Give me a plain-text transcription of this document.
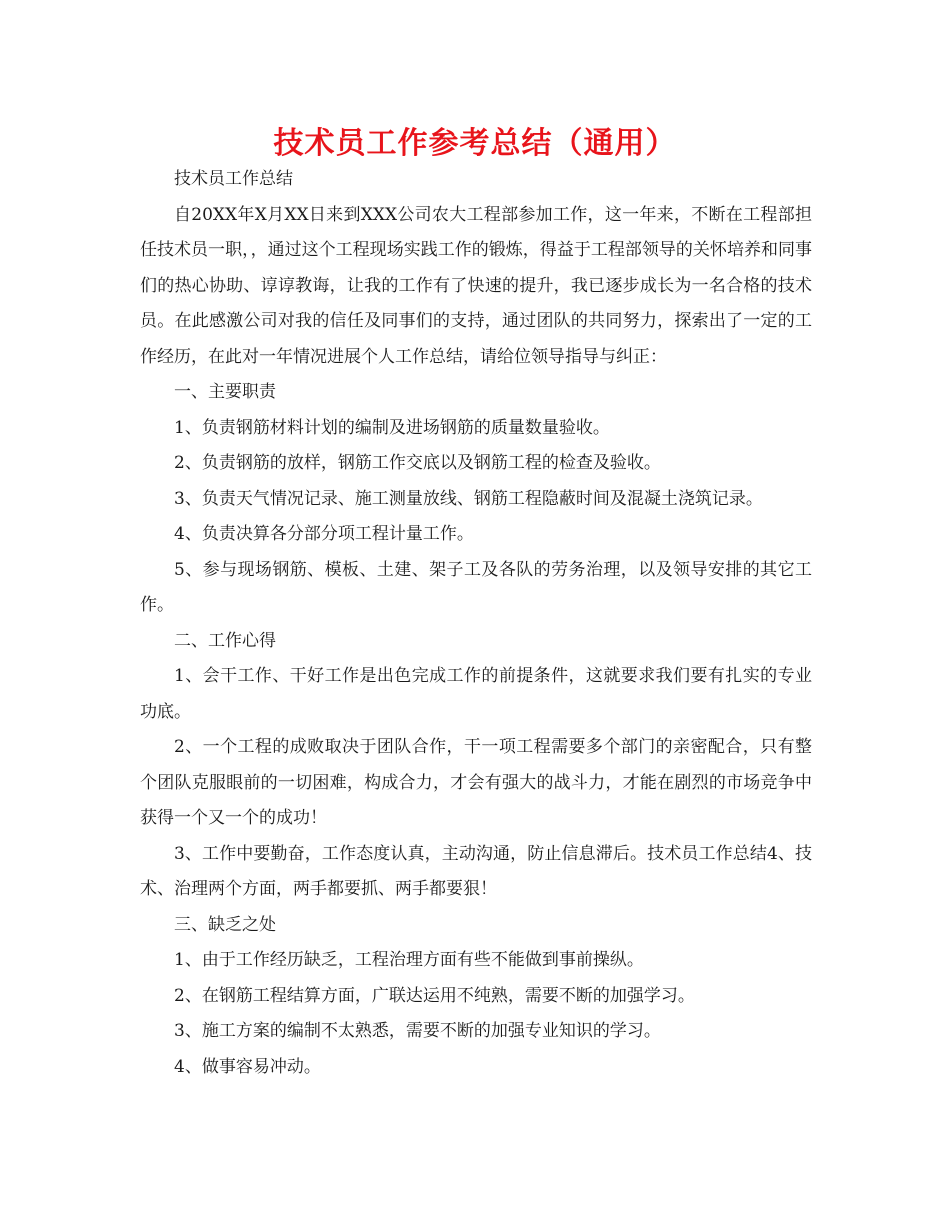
技术员工作参考总结（通用）

技术员工作总结

自20XX年X月XX日来到XXX公司农大工程部参加工作，这一年来，不断在工程部担任技术员一职，，通过这个工程现场实践工作的锻炼，得益于工程部领导的关怀培养和同事们的热心协助、谆谆教诲，让我的工作有了快速的提升，我已逐步成长为一名合格的技术员。在此感激公司对我的信任及同事们的支持，通过团队的共同努力，探索出了一定的工作经历，在此对一年情况进展个人工作总结，请给位领导指导与纠正：

一、主要职责

1、负责钢筋材料计划的编制及进场钢筋的质量数量验收。

2、负责钢筋的放样，钢筋工作交底以及钢筋工程的检查及验收。

3、负责天气情况记录、施工测量放线、钢筋工程隐蔽时间及混凝土浇筑记录。

4、负责决算各分部分项工程计量工作。

5、参与现场钢筋、模板、土建、架子工及各队的劳务治理，以及领导安排的其它工作。

二、工作心得

1、会干工作、干好工作是出色完成工作的前提条件，这就要求我们要有扎实的专业功底。

2、一个工程的成败取决于团队合作，干一项工程需要多个部门的亲密配合，只有整个团队克服眼前的一切困难，构成合力，才会有强大的战斗力，才能在剧烈的市场竞争中获得一个又一个的成功！

3、工作中要勤奋，工作态度认真，主动沟通，防止信息滞后。技术员工作总结4、技术、治理两个方面，两手都要抓、两手都要狠！

三、缺乏之处

1、由于工作经历缺乏，工程治理方面有些不能做到事前操纵。

2、在钢筋工程结算方面，广联达运用不纯熟，需要不断的加强学习。

3、施工方案的编制不太熟悉，需要不断的加强专业知识的学习。

4、做事容易冲动。
